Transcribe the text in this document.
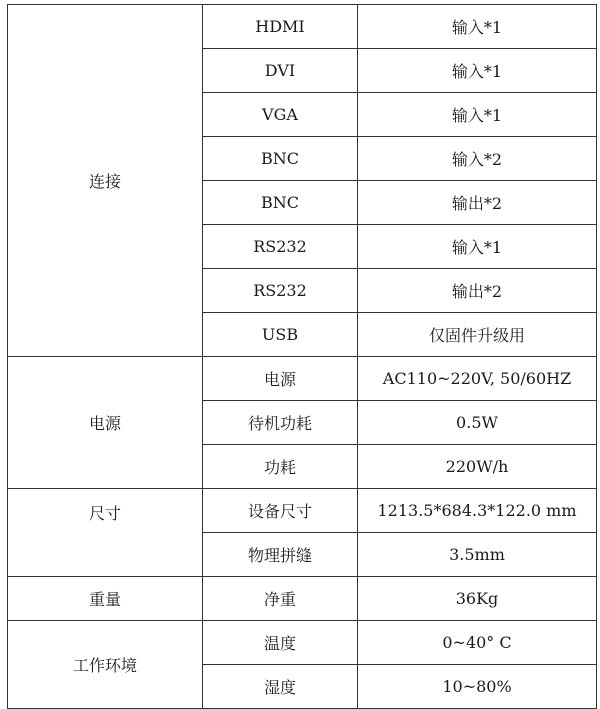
连接	HDMI	输入*1
	DVI	输入*1
	VGA	输入*1
	BNC	输入*2
	BNC	输出*2
	RS232	输入*1
	RS232	输出*2
	USB	仅固件升级用
电源	电源	AC110~220V, 50/60HZ
	待机功耗	0.5W
	功耗	220W/h
尺寸	设备尺寸	1213.5*684.3*122.0 mm
	物理拼缝	3.5mm
重量	净重	36Kg
工作环境	温度	0~40° C
	湿度	10~80%
